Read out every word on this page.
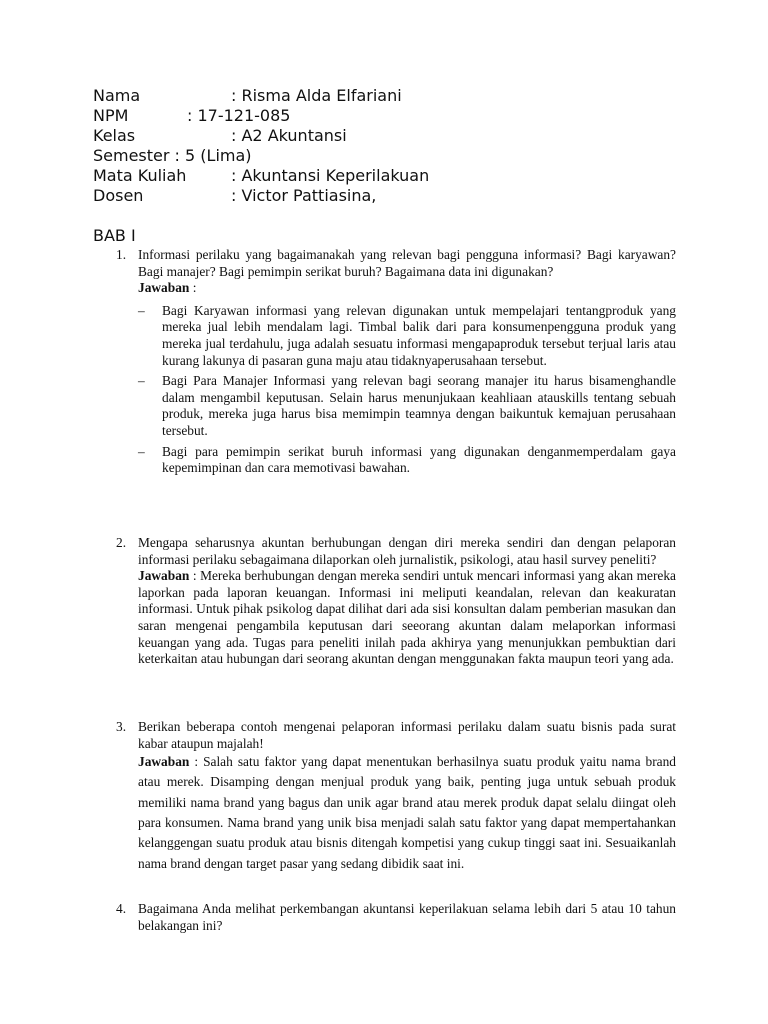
Nama	: Risma Alda Elfariani
NPM	: 17-121-085
Kelas	: A2 Akuntansi
Semester : 5 (Lima)
Mata Kuliah	: Akuntansi Keperilakuan
Dosen	: Victor Pattiasina,
BAB I
1. Informasi perilaku yang bagaimanakah yang relevan bagi pengguna informasi? Bagi karyawan? Bagi manajer? Bagi pemimpin serikat buruh? Bagaimana data ini digunakan?
Jawaban :
– Bagi Karyawan informasi yang relevan digunakan untuk mempelajari tentangproduk yang mereka jual lebih mendalam lagi. Timbal balik dari para konsumenpengguna produk yang mereka jual terdahulu, juga adalah sesuatu informasi mengapaproduk tersebut terjual laris atau kurang lakunya di pasaran guna maju atau tidaknyaperusahaan tersebut.
– Bagi Para Manajer Informasi yang relevan bagi seorang manajer itu harus bisamenghandle dalam mengambil keputusan. Selain harus menunjukaan keahliaan atauskills tentang sebuah produk, mereka juga harus bisa memimpin teamnya dengan baikuntuk kemajuan perusahaan tersebut.
– Bagi para pemimpin serikat buruh informasi yang digunakan denganmemperdalam gaya kepemimpinan dan cara memotivasi bawahan.
2. Mengapa seharusnya akuntan berhubungan dengan diri mereka sendiri dan dengan pelaporan informasi perilaku sebagaimana dilaporkan oleh jurnalistik, psikologi, atau hasil survey peneliti?
Jawaban : Mereka berhubungan dengan mereka sendiri untuk mencari informasi yang akan mereka laporkan pada laporan keuangan. Informasi ini meliputi keandalan, relevan dan keakuratan informasi. Untuk pihak psikolog dapat dilihat dari ada sisi konsultan dalam pemberian masukan dan saran mengenai pengambila keputusan dari seeorang akuntan dalam melaporkan informasi keuangan yang ada. Tugas para peneliti inilah pada akhirya yang menunjukkan pembuktian dari keterkaitan atau hubungan dari seorang akuntan dengan menggunakan fakta maupun teori yang ada.
3. Berikan beberapa contoh mengenai pelaporan informasi perilaku dalam suatu bisnis pada surat kabar ataupun majalah!
Jawaban : Salah satu faktor yang dapat menentukan berhasilnya suatu produk yaitu nama brand atau merek. Disamping dengan menjual produk yang baik, penting juga untuk sebuah produk memiliki nama brand yang bagus dan unik agar brand atau merek produk dapat selalu diingat oleh para konsumen. Nama brand yang unik bisa menjadi salah satu faktor yang dapat mempertahankan kelanggengan suatu produk atau bisnis ditengah kompetisi yang cukup tinggi saat ini. Sesuaikanlah nama brand dengan target pasar yang sedang dibidik saat ini.
4. Bagaimana Anda melihat perkembangan akuntansi keperilakuan selama lebih dari 5 atau 10 tahun belakangan ini?
